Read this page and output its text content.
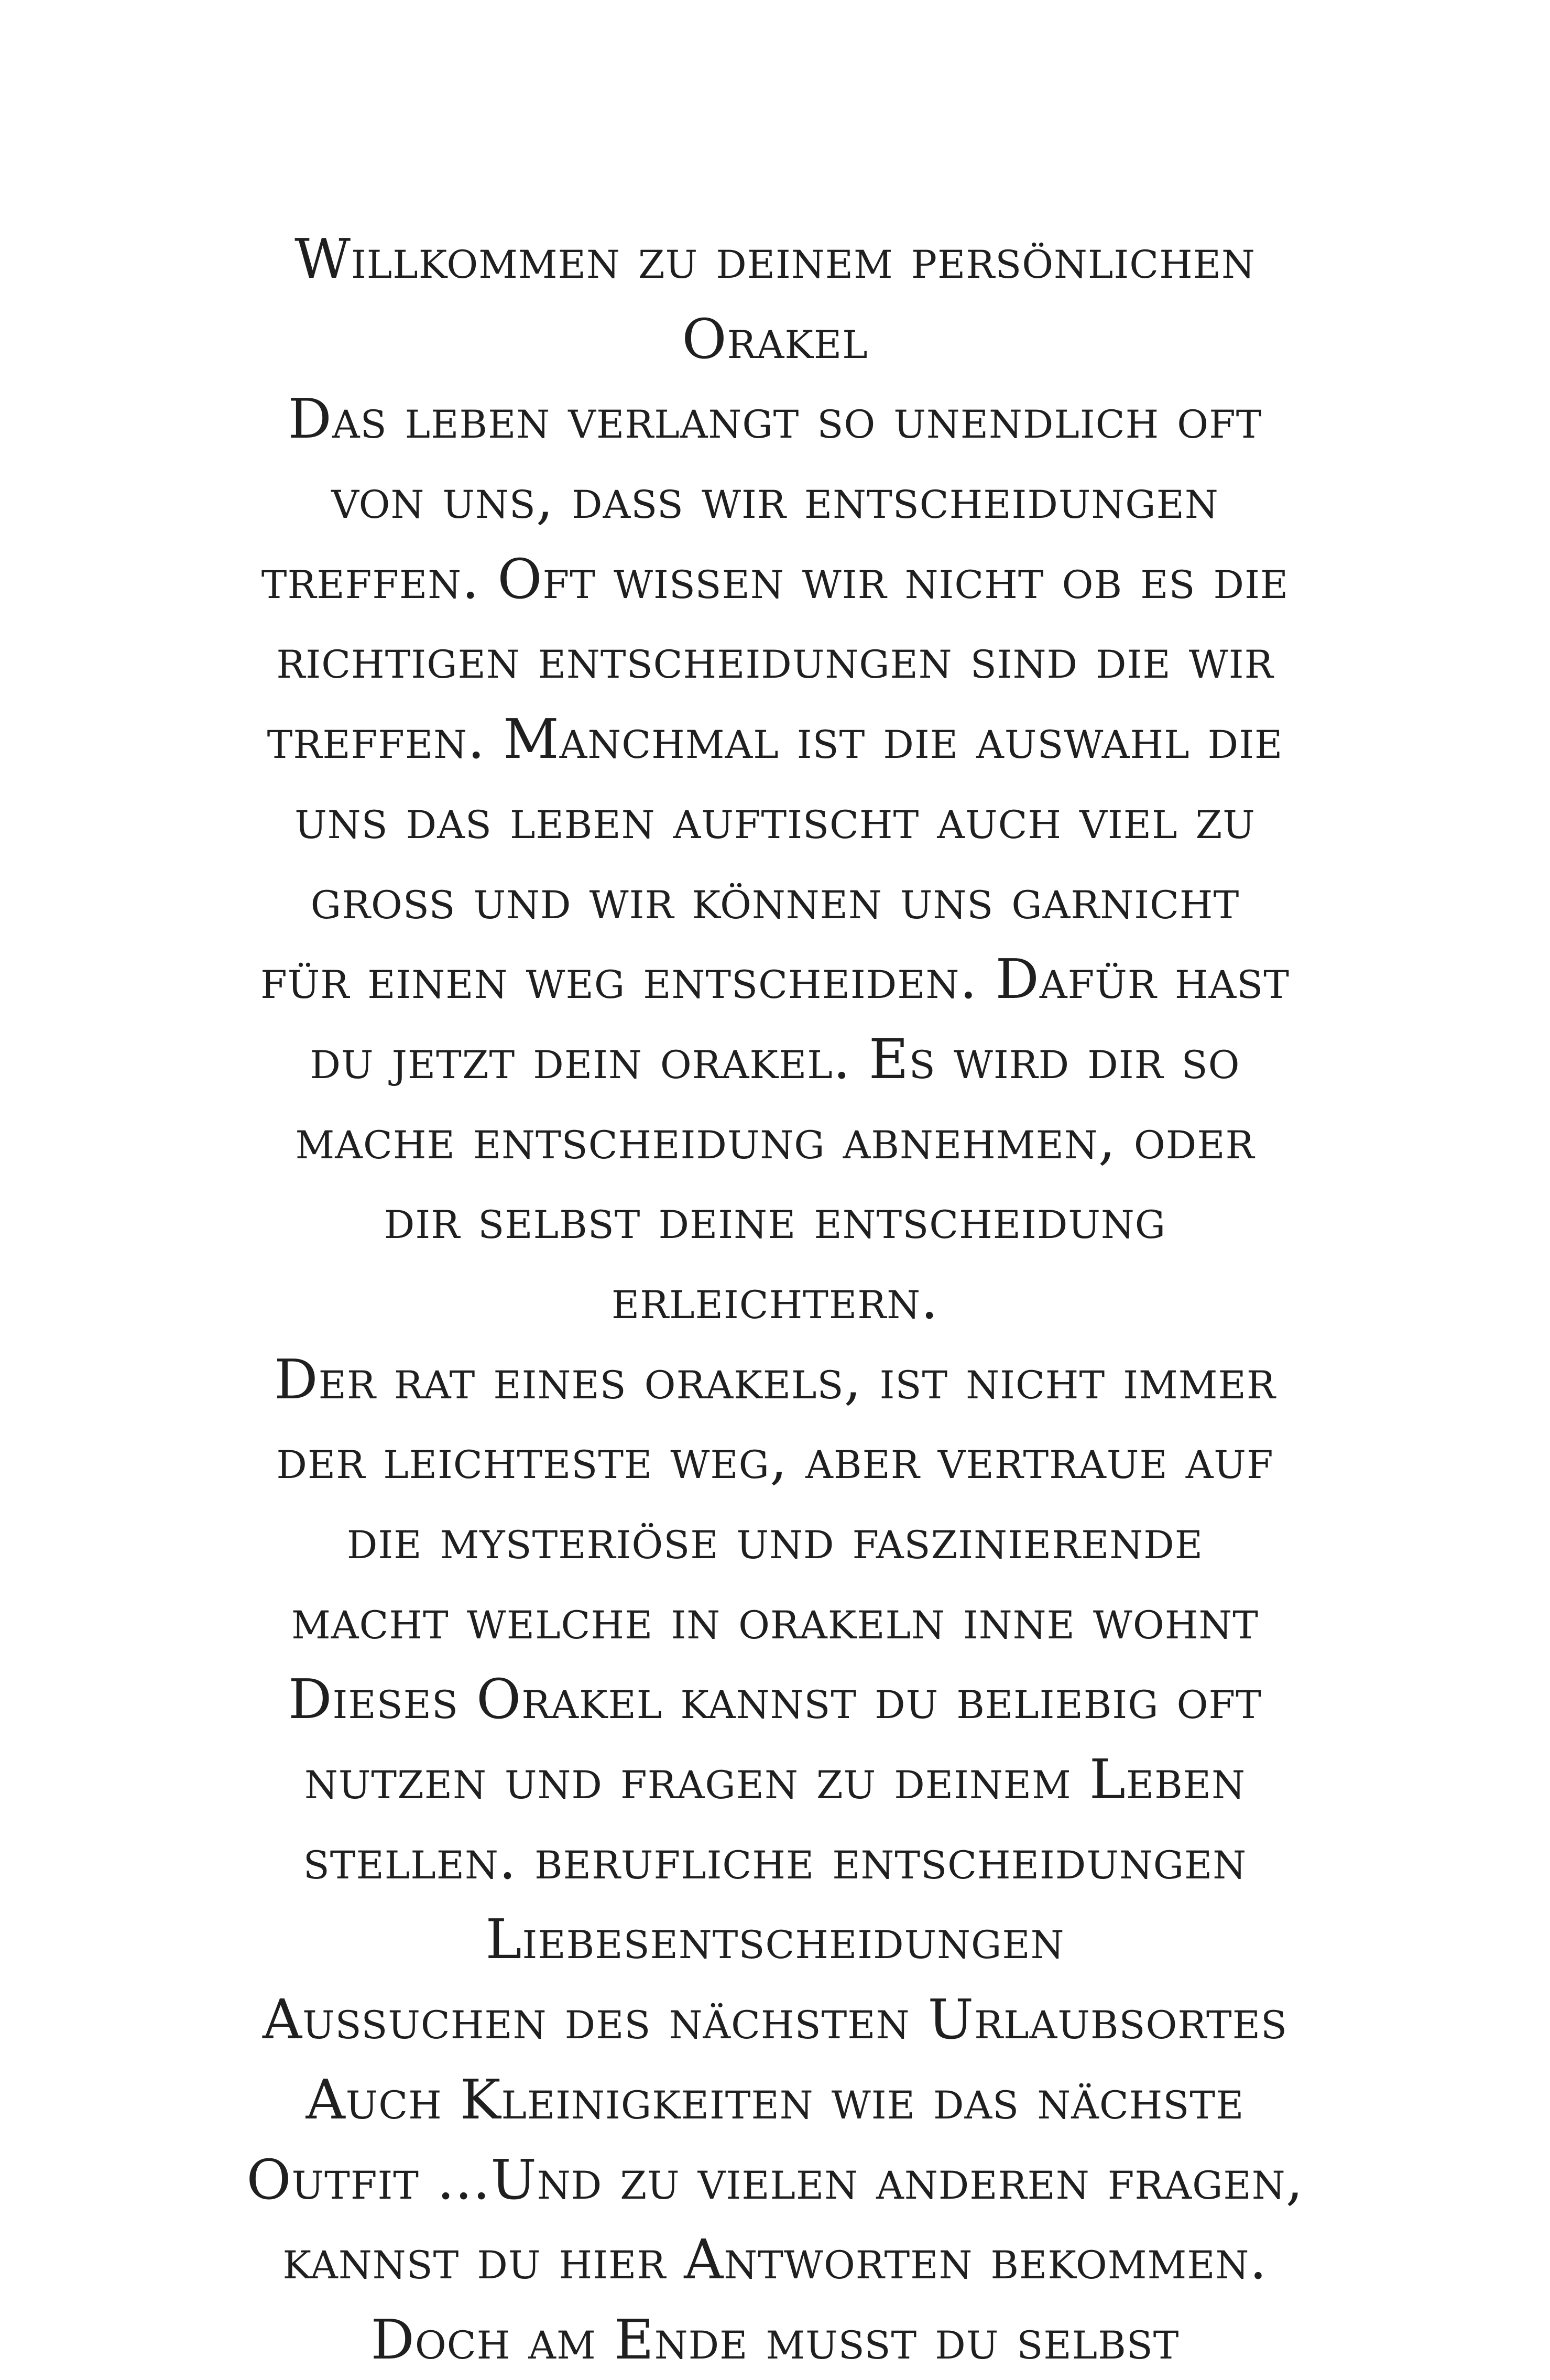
Willkommen zu deinem persönlichen
Orakel
Das leben verlangt so unendlich oft
von uns, dass wir entscheidungen
treffen. Oft wissen wir nicht ob es die
richtigen entscheidungen sind die wir
treffen. Manchmal ist die auswahl die
uns das leben auftischt auch viel zu
gross und wir können uns garnicht
für einen weg entscheiden. Dafür hast
du jetzt dein orakel. Es wird dir so
mache entscheidung abnehmen, oder
dir selbst deine entscheidung
erleichtern.
Der rat eines orakels, ist nicht immer
der leichteste weg, aber vertraue auf
die mysteriöse und faszinierende
macht welche in orakeln inne wohnt
Dieses Orakel kannst du beliebig oft
nutzen und fragen zu deinem Leben
stellen. berufliche entscheidungen
Liebesentscheidungen
Aussuchen des nächsten Urlaubsortes
Auch Kleinigkeiten wie das nächste
Outfit ...Und zu vielen anderen fragen,
kannst du hier Antworten bekommen.
Doch am Ende musst du selbst
